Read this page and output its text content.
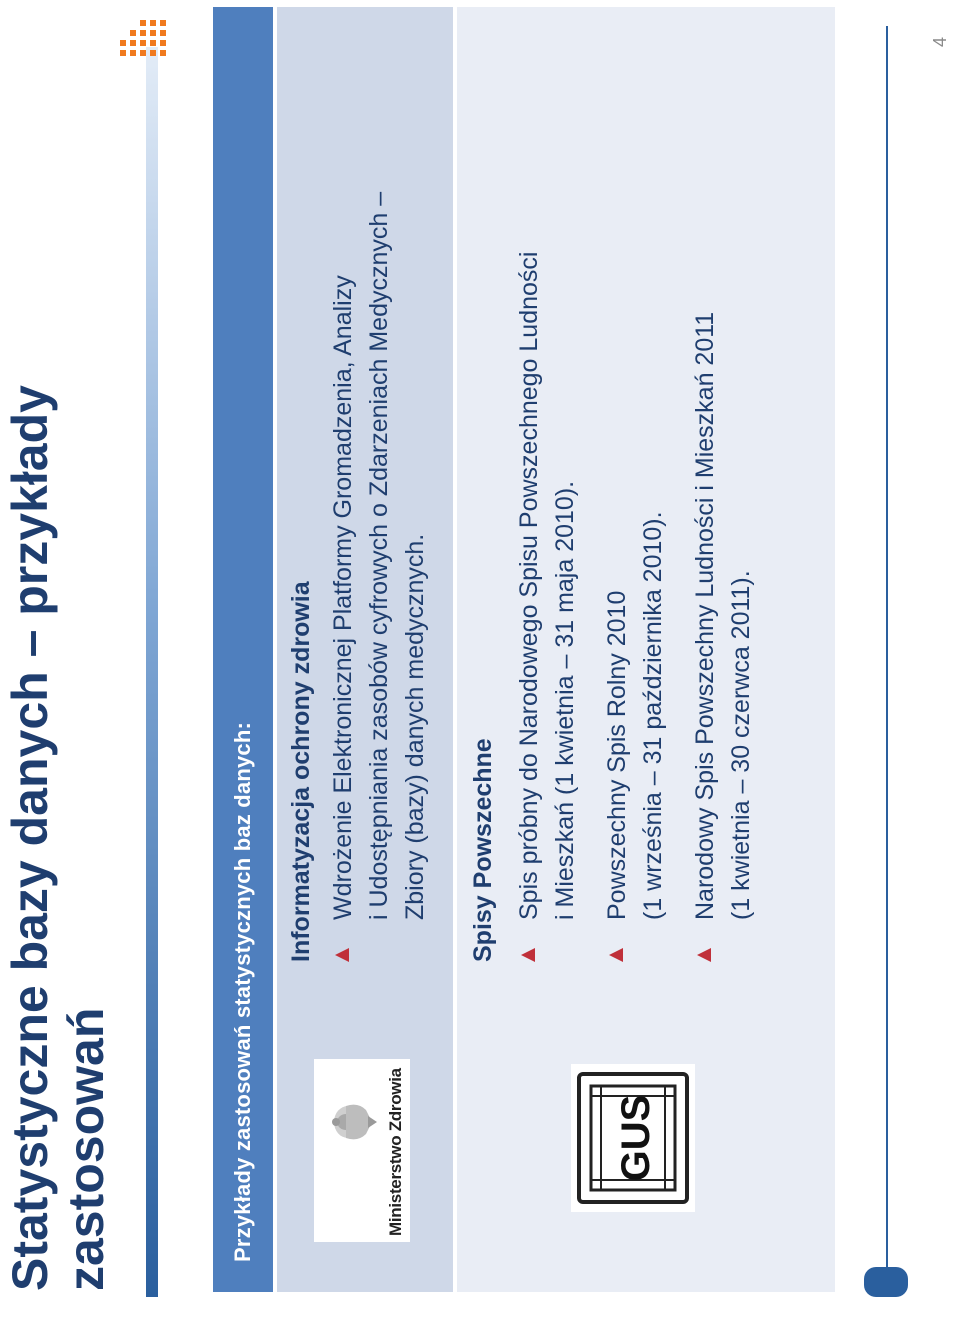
Statystyczne bazy danych – przykłady zastosowań	Przykłady zastosowań statystycznych baz danych:	Ministerstwo Zdrowia
Informatyzacja ochrony zdrowia Wdrożenie Elektronicznej Platformy Gromadzenia, Analizy
i Udostępniania zasobów cyfrowych o Zdarzeniach Medycznych –
Zbiory (bazy) danych medycznych.
GUS
Spisy Powszechne Spis próbny do Narodowego Spisu Powszechnego Ludności
i Mieszkań (1 kwietnia – 31 maja 2010).
Powszechny Spis Rolny 2010
(1 września – 31 października 2010).
Narodowy Spis Powszechny Ludności i Mieszkań 2011
(1 kwietnia – 30 czerwca 2011).
4
